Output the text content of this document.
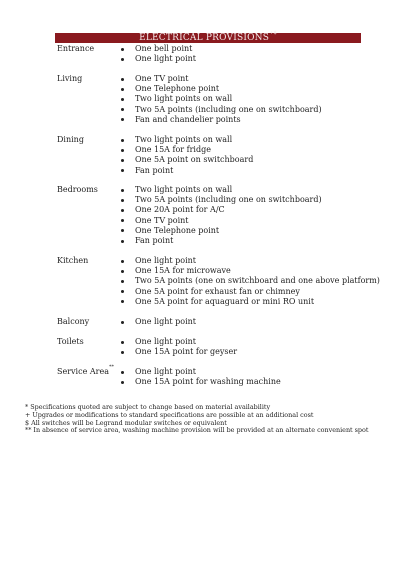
ELECTRICAL PROVISIONS+$
Entrance	One bell point
One light point
Living	One TV point
One Telephone point
Two light points on wall
Two 5A points (including one on switchboard)
Fan and chandelier points
Dining	Two light points on wall
One 15A for fridge
One 5A point on switchboard
Fan point
Bedrooms	Two light points on wall
Two 5A points (including one on switchboard)
One 20A point for A/C
One TV point
One Telephone point
Fan point
Kitchen	One light point
One 15A for microwave
Two 5A points (one on switchboard and one above platform)
One 5A point for exhaust fan or chimney
One 5A point for aquaguard or mini RO unit
Balcony	One light point
Toilets	One light point
One 15A point for geyser
Service Area**	One light point
One 15A point for washing machine
* Specifications quoted are subject to change based on material availability
+ Upgrades or modifications to standard specifications are possible at an additional cost
$ All switches will be Legrand modular switches or equivalent
** In absence of service area, washing machine provision will be provided at an alternate convenient spot
